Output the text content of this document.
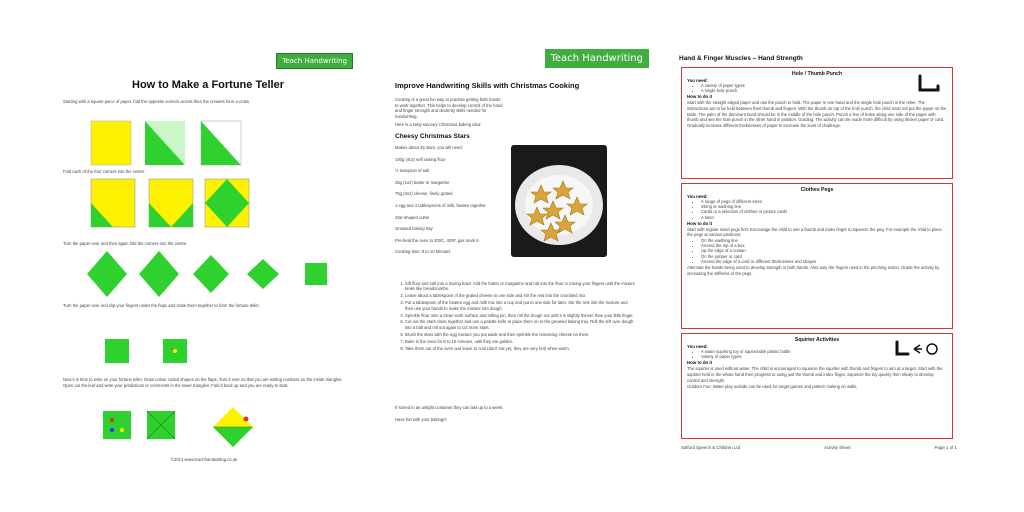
Teach Handwriting
How to Make a Fortune Teller
Starting with a square piece of paper, fold the opposite corners across then the creases form a cross.
Fold each of the four corners into the centre.
Turn the paper over and then again fold the corners into the centre.
Turn the paper over and slip your fingers under the flaps and close them together to form the fortune teller.
Now it is time to write on your fortune teller. Draw colour coded shapes on the flaps. Turn it over so that you are writing numbers on the inside triangles. Open out the leaf and write your predictions or comments in the lower triangles. Fold it back up and you are ready to start.
©2013 www.teachhandwriting.co.uk
Teach Handwriting
Improve Handwriting Skills with Christmas Cooking
Cooking is a great fun way to practise getting both hands to work together. This helps to develop control of the hand and finger strength and dexterity skills needed for handwriting.
Here is a tasty savoury Christmas baking idea:
Cheesy Christmas Stars
Makes about 25 stars, you will need:
100g (4oz) self raising flour
½ teaspoon of salt
25g (1oz) butter or margarine
75g (3oz) cheese, finely grated
1 egg and 4 tablespoons of milk, beaten together
Star-shaped cutter
Greased baking tray
Pre-heat the oven to 200C, 400F, gas mark 6.
Cooking time: 8 to 10 Minutes
1. Sift flour and salt into a mixing bowl. Add the butter or margarine and rub into the flour in mixing your fingers until the mixture looks like breadcrumbs.
2. Leave about a tablespoon of the grated cheese to one side and stir the rest into the crumbled mix.
3. Put a tablespoon of the beaten egg and milk mix into a cup and put to one side for later. Stir the rest into the mixture and then use your hands to make the mixture into dough.
4. Sprinkle flour onto a clean work surface and rolling pin, then roll the dough out until it is slightly thinner than your little finger.
5. Cut out the stars close together and use a palette knife to place them on to the greased baking tray. Roll the left over dough into a ball and roll out again to cut more stars.
6. Brush the stars with the egg mixture you put aside and then sprinkle the remaining cheese on them.
7. Bake in the oven for 8 to 10 minutes, until they are golden.
8. Take them out of the oven and leave to cool (don't eat yet, they are very hot) when warm.
If stored in an airtight container they can last up to a week.
Have fun with your baking!!!
Hand & Finger Muscles – Hand Strength
Hole / Thumb Punch
You need:
• A variety of paper types
• A single hole punch
How to do it
Start with the straight edged paper and use the punch to hold. The paper in one hand and the single hole punch in the other. The instructions are to be held between their thumb and fingers. With the thumb on top of the hole punch, the child must not put the paper on the table. The palm of the dominant hand should be in the middle of the hole punch. Punch a line of holes along one side of the paper with thumb and see the hole punch in the other hand in position. Grading: The activity can be made more difficult by using thicker paper or card. Gradually increase different thicknesses of paper to increase the level of challenge.
Clothes Pegs
You need:
• A range of pegs of different sizes
• String or washing line
• Cards or a selection of clothes or picture cards
• A timer
How to do it
Start with regular sized pegs first. Encourage the child to use a thumb and index finger to squeeze the peg. For example the child to place the pegs at various positions:
• On the washing line
• Around the top of a box
• Up the edge of a curtain
• On the jumper or card
• Around the edge of a card or different thicknesses and shapes
Alternate the hands being used to develop strength in both hands. Also vary the fingers used in the pinching action. Grade the activity by increasing the stiffness of the pegs.
Squirter Activities
You need:
• A water squirting toy or squeezable plastic bottle
• Variety of paper types
How to do it
The squirter is used without water. The child is encouraged to squeeze the squirter with thumb and fingers to aim at a target. Start with the squirter held in the whole hand then progress to using just the thumb and index finger. Squeeze the toy quickly then slowly to develop control and strength.
Outdoor Fun: Water play outside can be used for target games and pattern making on walls.
Salford Speech & Children Ltd	Activity Sheet	Page 1 of 1
